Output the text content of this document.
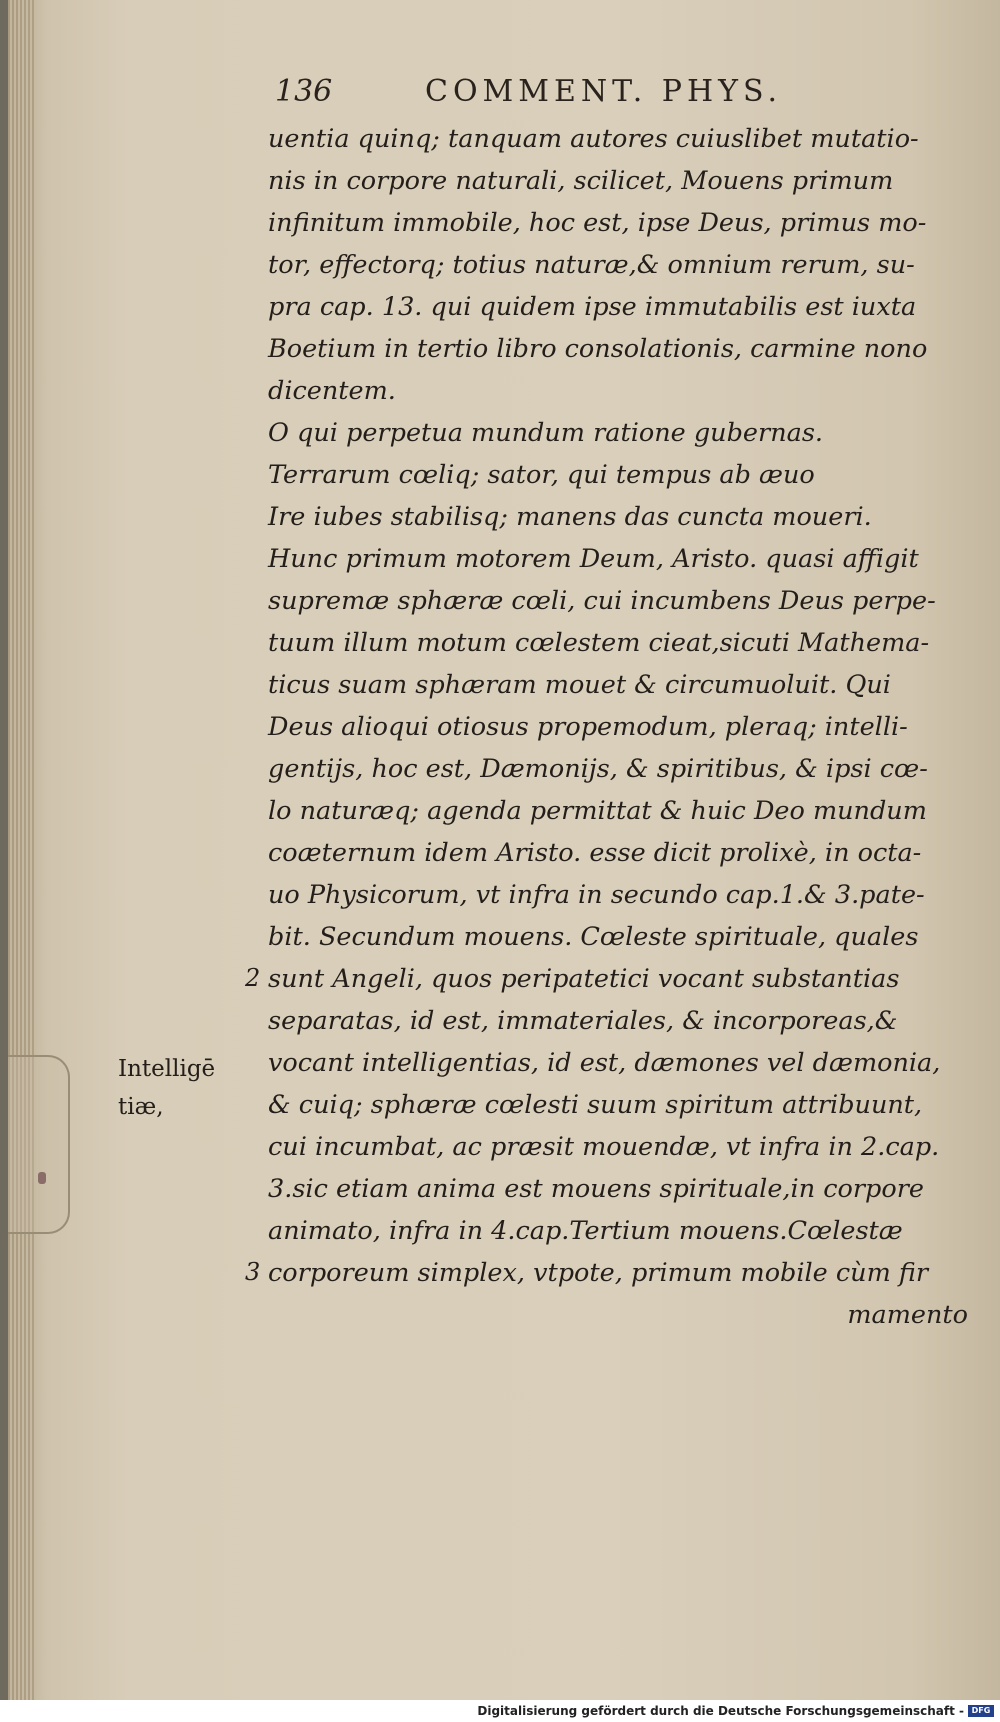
136	COMMENT. PHYS.
uentia quinq; tanquam autores cuiuslibet mutatio-
nis in corpore naturali, scilicet, Mouens primum
infinitum immobile, hoc est, ipse Deus, primus mo-
tor, effectorq; totius naturæ,& omnium rerum, su-
pra cap. 13. qui quidem ipse immutabilis est iuxta
Boetium in tertio libro consolationis, carmine nono
dicentem.
O qui perpetua mundum ratione gubernas.
Terrarum cœliq; sator, qui tempus ab æuo
Ire iubes stabilisq; manens das cuncta moueri.
Hunc primum motorem Deum, Aristo. quasi affigit
supremæ sphæræ cœli, cui incumbens Deus perpe-
tuum illum motum cœlestem cieat,sicuti Mathema-
ticus suam sphæram mouet & circumuoluit. Qui
Deus alioqui otiosus propemodum, pleraq; intelli-
gentijs, hoc est, Dæmonijs, & spiritibus, & ipsi cœ-
lo naturæq; agenda permittat & huic Deo mundum
coæternum idem Aristo. esse dicit prolixè, in octa-
uo Physicorum, vt infra in secundo cap.1.& 3.pate-
bit. Secundum mouens. Cœleste spirituale, quales
sunt Angeli, quos peripatetici vocant substantias
separatas, id est, immateriales, & incorporeas,&
vocant intelligentias, id est, dæmones vel dæmonia,
& cuiq; sphæræ cœlesti suum spiritum attribuunt,
cui incumbat, ac præsit mouendæ, vt infra in 2.cap.
3.sic etiam anima est mouens spirituale,in corpore
animato, infra in 4.cap.Tertium mouens.Cœlestæ
corporeum simplex, vtpote, primum mobile cùm fir
mamento
2
3
Intelligē
tiæ,
Digitalisierung gefördert durch die Deutsche Forschungsgemeinschaft - DFG
